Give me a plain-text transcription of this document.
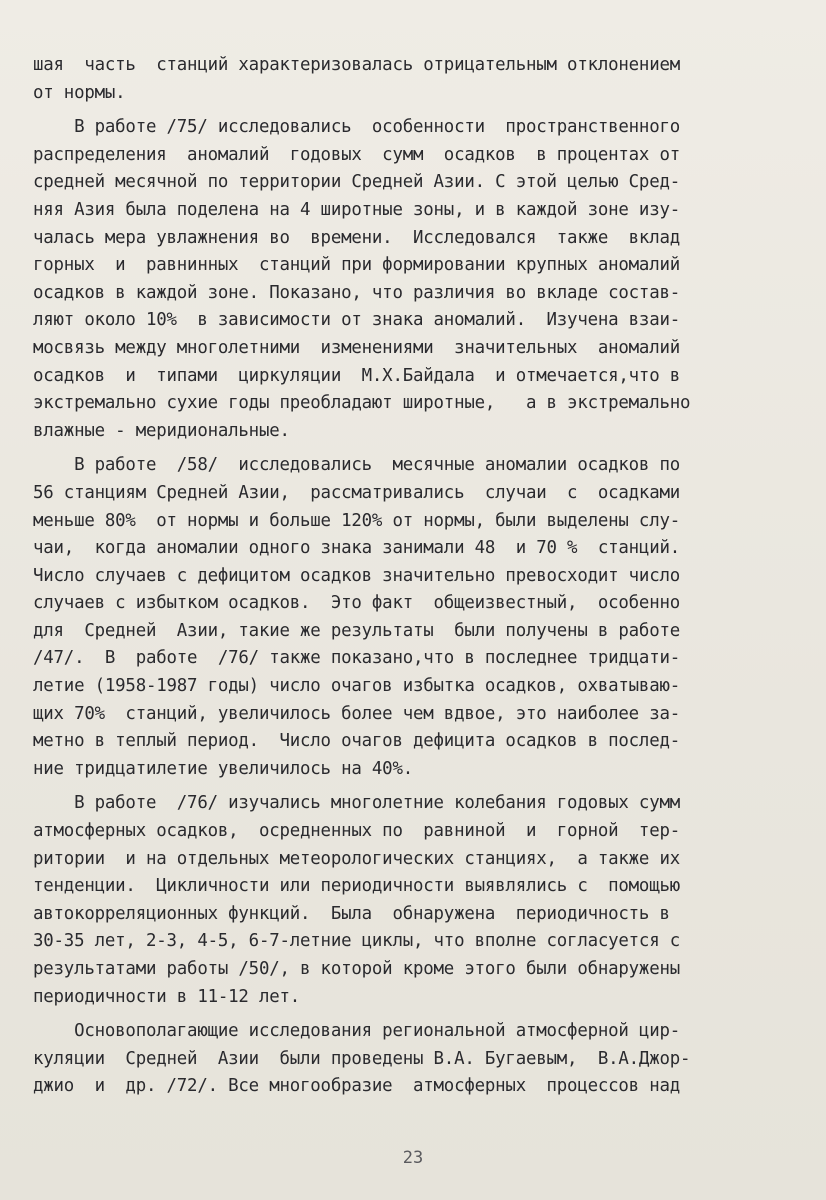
шая  часть  станций характеризовалась отрицательным отклонением
от нормы.
В работе /75/ исследовались  особенности  пространственного
распределения  аномалий  годовых  сумм  осадков  в процентах от
средней месячной по территории Средней Азии. С этой целью Сред-
няя Азия была поделена на 4 широтные зоны, и в каждой зоне изу-
чалась мера увлажнения во  времени.  Исследовался  также  вклад
горных  и  равнинных  станций при формировании крупных аномалий
осадков в каждой зоне. Показано, что различия во вкладе состав-
ляют около 10%  в зависимости от знака аномалий.  Изучена взаи-
мосвязь между многолетними  изменениями  значительных  аномалий
осадков  и  типами  циркуляции  М.Х.Байдала  и отмечается,что в
экстремально сухие годы преобладают широтные,   а в экстремально
влажные - меридиональные.
В работе  /58/  исследовались  месячные аномалии осадков по
56 станциям Средней Азии,  рассматривались  случаи  с  осадками
меньше 80%  от нормы и больше 120% от нормы, были выделены слу-
чаи,  когда аномалии одного знака занимали 48  и 70 %  станций.
Число случаев с дефицитом осадков значительно превосходит число
случаев с избытком осадков.  Это факт  общеизвестный,  особенно
для  Средней  Азии, такие же результаты  были получены в работе
/47/.  В  работе  /76/ также показано,что в последнее тридцати-
летие (1958-1987 годы) число очагов избытка осадков, охватываю-
щих 70%  станций, увеличилось более чем вдвое, это наиболее за-
метно в теплый период.  Число очагов дефицита осадков в послед-
ние тридцатилетие увеличилось на 40%.
В работе  /76/ изучались многолетние колебания годовых сумм
атмосферных осадков,  осредненных по  равниной  и  горной  тер-
ритории  и на отдельных метеорологических станциях,  а также их
тенденции.  Цикличности или периодичности выявлялись с  помощью
автокорреляционных функций.  Была  обнаружена  периодичность в
30-35 лет, 2-3, 4-5, 6-7-летние циклы, что вполне согласуется с
результатами работы /50/, в которой кроме этого были обнаружены
периодичности в 11-12 лет.
Основополагающие исследования региональной атмосферной цир-
куляции  Средней  Азии  были проведены В.А. Бугаевым,  В.А.Джор-
джио  и  др. /72/. Все многообразие  атмосферных  процессов над
23
